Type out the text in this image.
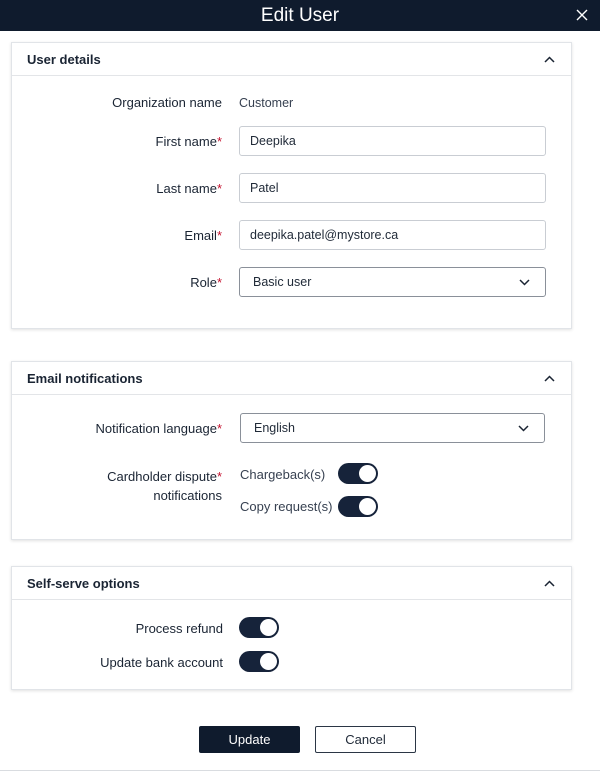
Edit User
User details
Organization name Customer
First name*
Deepika
Last name*
Patel
Email*
deepika.patel@mystore.ca
Role* Basic user
Email notifications
Notification language*	English
Cardholder dispute*
notifications
Chargeback(s)
Copy request(s)
Self-serve options
Process refund
Update bank account
Update	Cancel
